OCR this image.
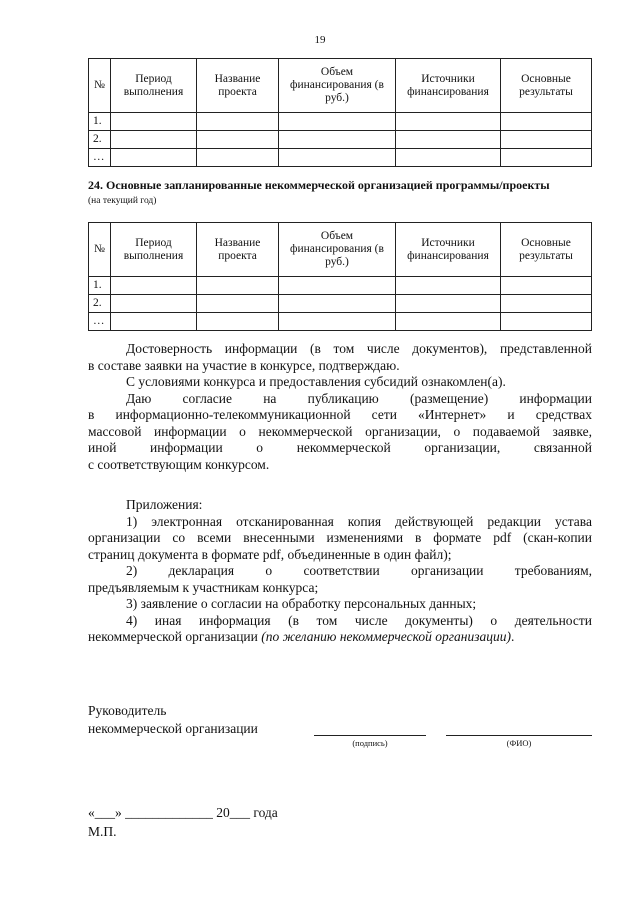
19
№	Период выполнения	Название проекта	Объем финансирования (в руб.)	Источники финансирования	Основные результаты
1.					
2.					
…					
24. Основные запланированные некоммерческой организацией программы/проекты
(на текущий год)
№	Период выполнения	Название проекта	Объем финансирования (в руб.)	Источники финансирования	Основные результаты
1.					
2.					
…					
Достоверность информации (в том числе документов), представленной
в составе заявки на участие в конкурсе, подтверждаю.
С условиями конкурса и предоставления субсидий ознакомлен(а).
Даю согласие на публикацию (размещение) информации
в информационно-телекоммуникационной сети «Интернет» и средствах
массовой информации о некоммерческой организации, о подаваемой заявке,
иной информации о некоммерческой организации, связанной
с соответствующим конкурсом.
Приложения:
1) электронная отсканированная копия действующей редакции устава
организации со всеми внесенными изменениями в формате pdf (скан-копии
страниц документа в формате pdf, объединенные в один файл);
2) декларация о соответствии организации требованиям,
предъявляемым к участникам конкурса;
3) заявление о согласии на обработку персональных данных;
4) иная информация (в том числе документы) о деятельности
некоммерческой организации (по желанию некоммерческой организации).
Руководитель
некоммерческой организации
(подпись)	(ФИО)
«___» _____________ 20___ года
М.П.
